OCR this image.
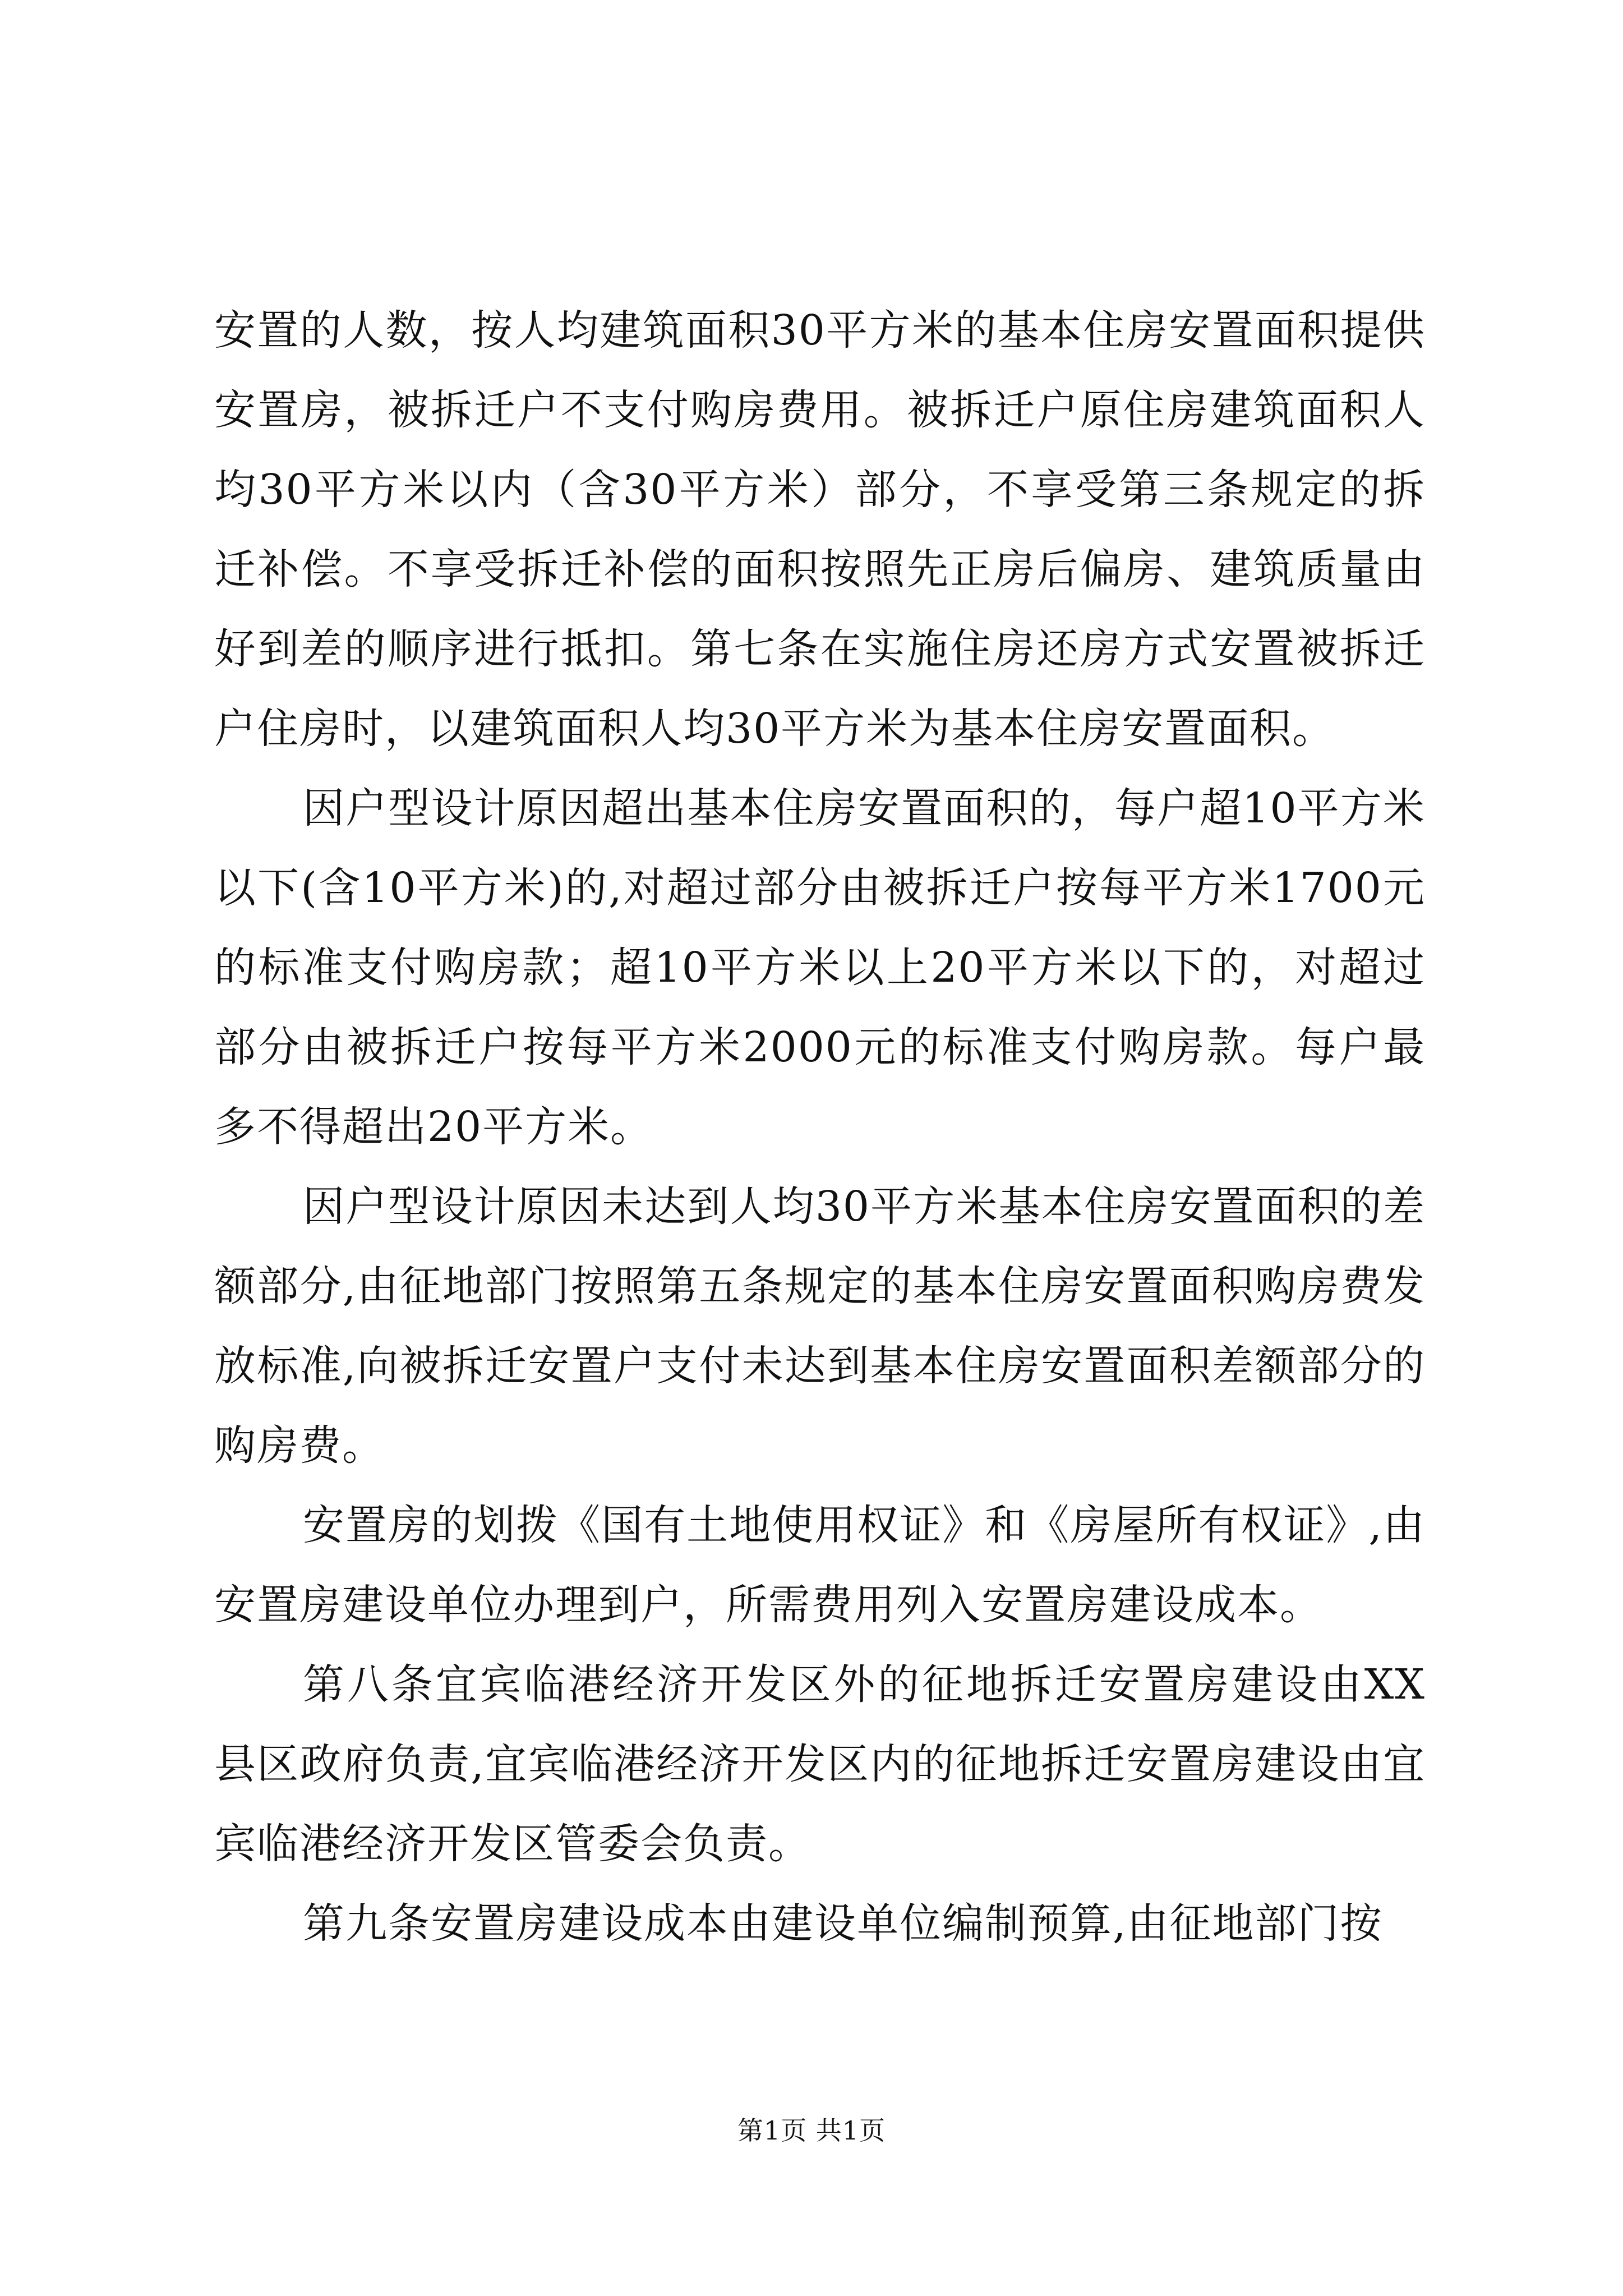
安置的人数，按人均建筑面积30平方米的基本住房安置面积提供安置房，被拆迁户不支付购房费用。被拆迁户原住房建筑面积人均30平方米以内（含30平方米）部分，不享受第三条规定的拆迁补偿。不享受拆迁补偿的面积按照先正房后偏房、建筑质量由好到差的顺序进行抵扣。第七条在实施住房还房方式安置被拆迁户住房时，以建筑面积人均30平方米为基本住房安置面积。

因户型设计原因超出基本住房安置面积的，每户超10平方米以下(含10平方米)的,对超过部分由被拆迁户按每平方米1700元的标准支付购房款；超10平方米以上20平方米以下的，对超过部分由被拆迁户按每平方米2000元的标准支付购房款。每户最多不得超出20平方米。

因户型设计原因未达到人均30平方米基本住房安置面积的差额部分,由征地部门按照第五条规定的基本住房安置面积购房费发放标准,向被拆迁安置户支付未达到基本住房安置面积差额部分的购房费。

安置房的划拨《国有土地使用权证》和《房屋所有权证》,由安置房建设单位办理到户，所需费用列入安置房建设成本。

第八条宜宾临港经济开发区外的征地拆迁安置房建设由XX县区政府负责,宜宾临港经济开发区内的征地拆迁安置房建设由宜宾临港经济开发区管委会负责。

第九条安置房建设成本由建设单位编制预算,由征地部门按

第1页 共1页
